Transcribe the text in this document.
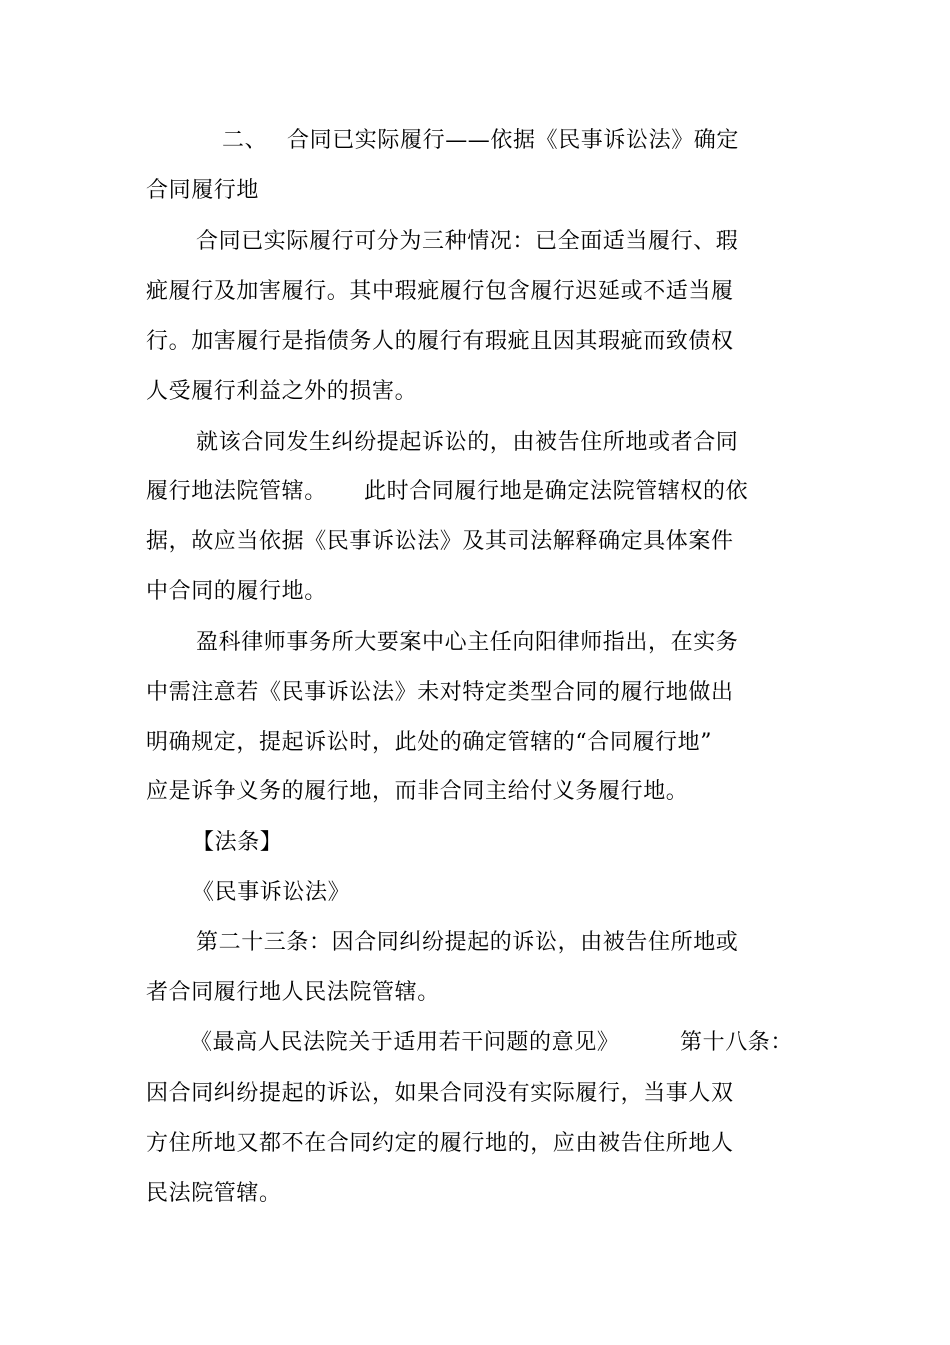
二、 合同已实际履行——依据《民事诉讼法》确定
合同履行地
合同已实际履行可分为三种情况：已全面适当履行、瑕
疵履行及加害履行。其中瑕疵履行包含履行迟延或不适当履
行。加害履行是指债务人的履行有瑕疵且因其瑕疵而致债权
人受履行利益之外的损害。
就该合同发生纠纷提起诉讼的，由被告住所地或者合同
履行地法院管辖。 此时合同履行地是确定法院管辖权的依
据，故应当依据《民事诉讼法》及其司法解释确定具体案件
中合同的履行地。
盈科律师事务所大要案中心主任向阳律师指出，在实务
中需注意若《民事诉讼法》未对特定类型合同的履行地做出
明确规定，提起诉讼时，此处的确定管辖的“合同履行地”
应是诉争义务的履行地，而非合同主给付义务履行地。
【法条】
《民事诉讼法》
第二十三条：因合同纠纷提起的诉讼，由被告住所地或
者合同履行地人民法院管辖。
《最高人民法院关于适用若干问题的意见》	第十八条：
因合同纠纷提起的诉讼，如果合同没有实际履行，当事人双
方住所地又都不在合同约定的履行地的，应由被告住所地人
民法院管辖。
